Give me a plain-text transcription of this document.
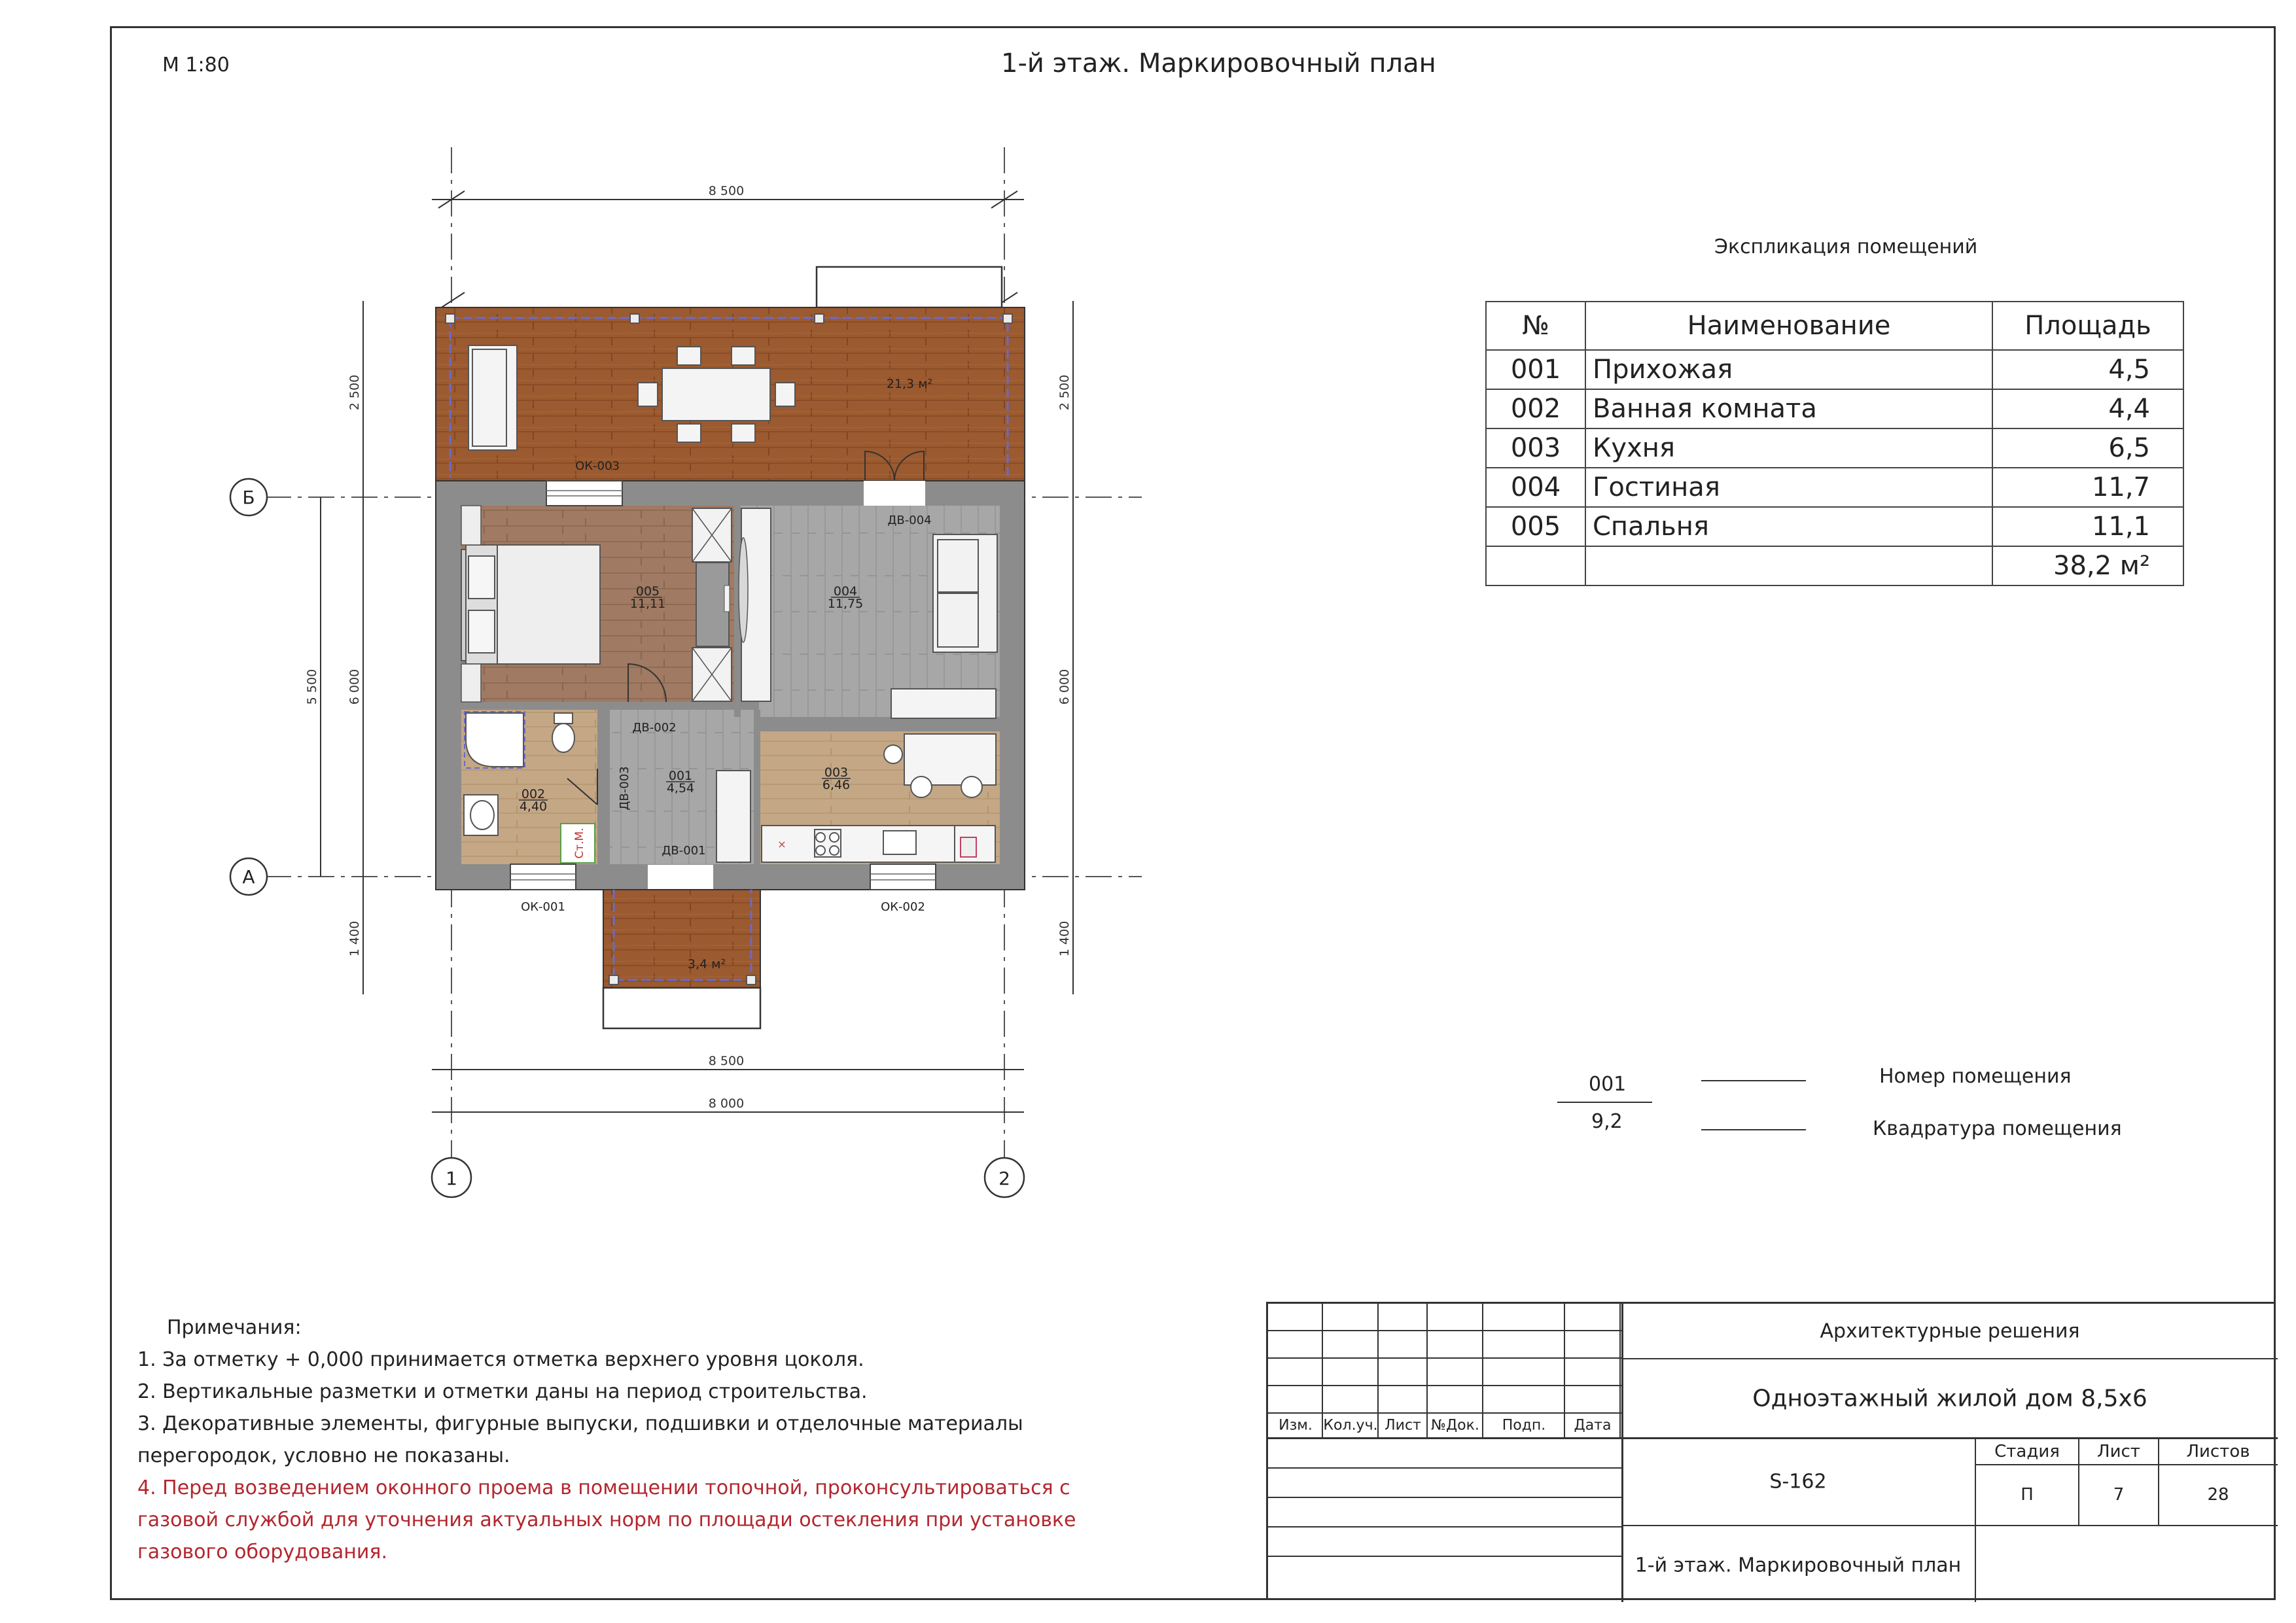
М 1:80	1-й этаж. Маркировочный план
8 500
8 500
8 000
2 500
5 500 6 000
1 400
2 500
6 000
1 400
Б
А
1	2
21,3 м²
Ст.М.	×
3,4 м²
005
11,11
004
11,75
002
4,40
001
4,54
003
6,46
ОК-003
ОК-001	ОК-002
ДВ-004
ДВ-002
ДВ-001
ДВ-003
Экспликация помещений
№	Наименование	Площадь
001	Прихожая	4,5
002	Ванная комната	4,4
003	Кухня	6,5
004	Гостиная	11,7
005	Спальня	11,1
		38,2 м²
001
9,2
Номер помещения
Квадратура помещения
Примечания:
1. За отметку + 0,000 принимается отметка верхнего уровня цоколя.
2. Вертикальные разметки и отметки даны на период строительства.
3. Декоративные элементы, фигурные выпуски, подшивки и отделочные материалы
перегородок, условно не показаны.
4. Перед возведением оконного проема в помещении топочной, проконсультироваться с
газовой службой для уточнения актуальных норм по площади остекления при установке
газового оборудования.
Изм. Кол.уч. Лист №Док. Подп. Дата
Архитектурные решения
Одноэтажный жилой дом 8,5х6
S-162
Стадия Лист	Листов
П	7	28
1-й этаж. Маркировочный план
